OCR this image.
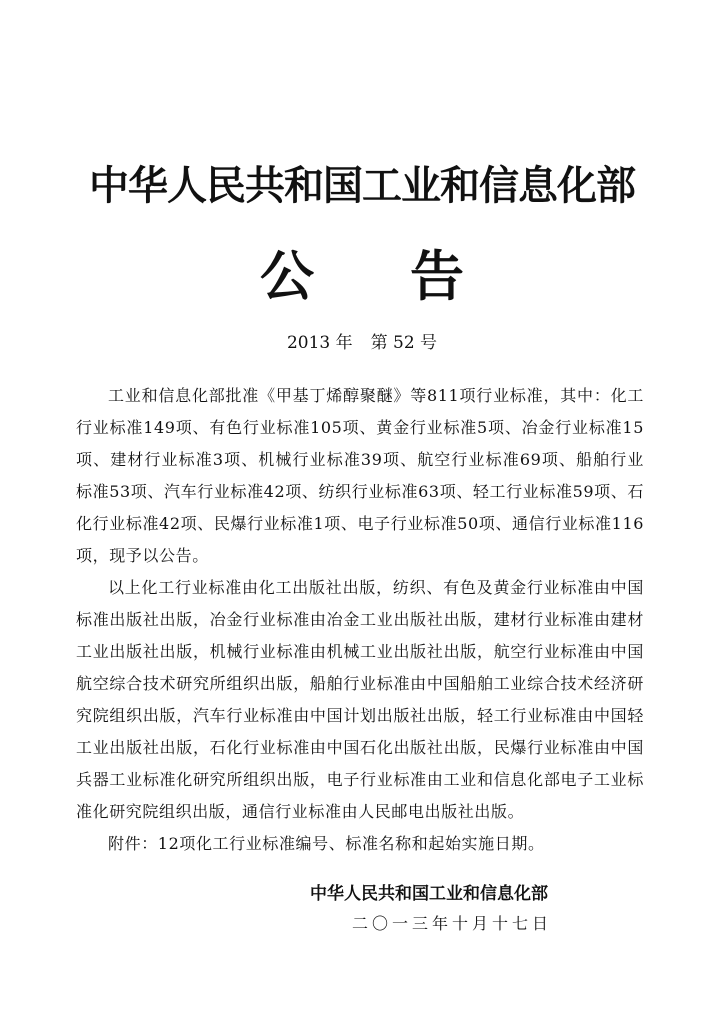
中华人民共和国工业和信息化部
公 告
2013 年 第 52 号

工业和信息化部批准《甲基丁烯醇聚醚》等811项行业标准，其中：化工行业标准149项、有色行业标准105项、黄金行业标准5项、冶金行业标准15项、建材行业标准3项、机械行业标准39项、航空行业标准69项、船舶行业标准53项、汽车行业标准42项、纺织行业标准63项、轻工行业标准59项、石化行业标准42项、民爆行业标准1项、电子行业标准50项、通信行业标准116项，现予以公告。

以上化工行业标准由化工出版社出版，纺织、有色及黄金行业标准由中国标准出版社出版，冶金行业标准由冶金工业出版社出版，建材行业标准由建材工业出版社出版，机械行业标准由机械工业出版社出版，航空行业标准由中国航空综合技术研究所组织出版，船舶行业标准由中国船舶工业综合技术经济研究院组织出版，汽车行业标准由中国计划出版社出版，轻工行业标准由中国轻工业出版社出版，石化行业标准由中国石化出版社出版，民爆行业标准由中国兵器工业标准化研究所组织出版，电子行业标准由工业和信息化部电子工业标准化研究院组织出版，通信行业标准由人民邮电出版社出版。

附件：12项化工行业标准编号、标准名称和起始实施日期。

中华人民共和国工业和信息化部
二〇一三年十月十七日
